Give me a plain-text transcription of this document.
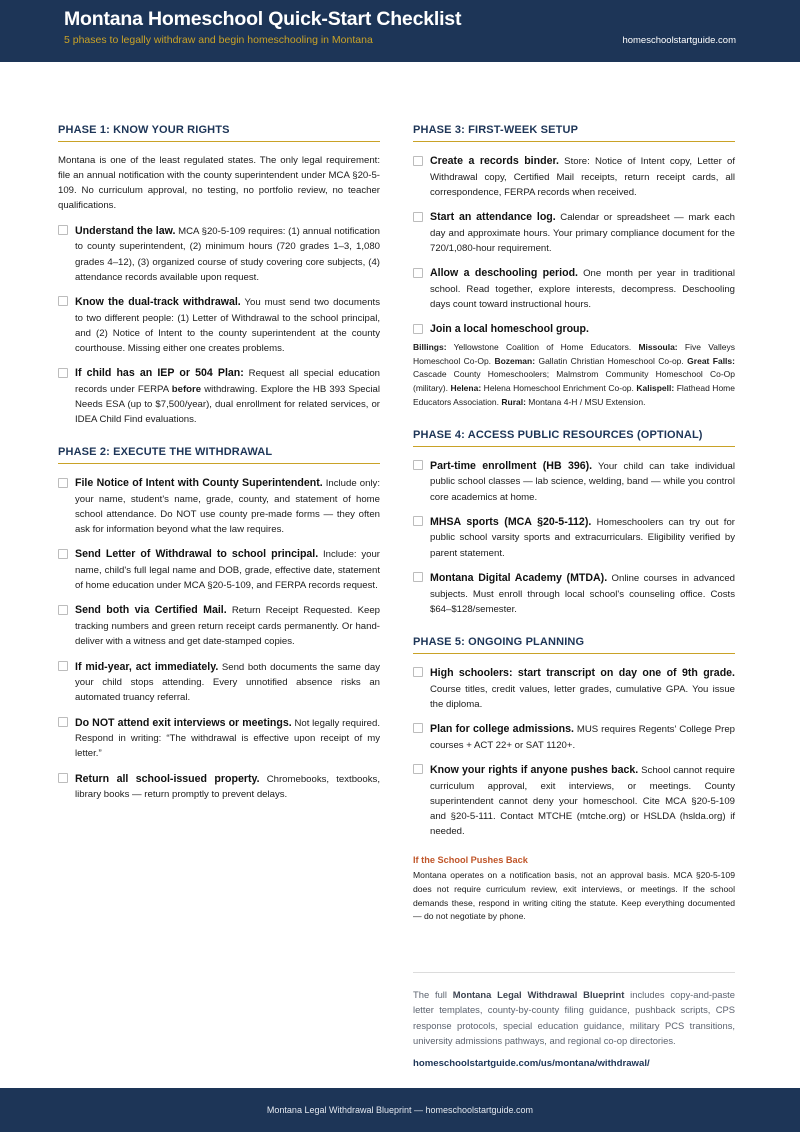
Montana Homeschool Quick-Start Checklist
5 phases to legally withdraw and begin homeschooling in Montana	homeschoolstartguide.com
PHASE 1: KNOW YOUR RIGHTS

Montana is one of the least regulated states. The only legal requirement: file an annual notification with the county superintendent under MCA §20-5-109. No curriculum approval, no testing, no portfolio review, no teacher qualifications.

Understand the law. MCA §20-5-109 requires: (1) annual notification to county superintendent, (2) minimum hours (720 grades 1–3, 1,080 grades 4–12), (3) organized course of study covering core subjects, (4) attendance records available upon request.
Know the dual-track withdrawal. You must send two documents to two different people: (1) Letter of Withdrawal to the school principal, and (2) Notice of Intent to the county superintendent at the county courthouse. Missing either one creates problems.
If child has an IEP or 504 Plan: Request all special education records under FERPA before withdrawing. Explore the HB 393 Special Needs ESA (up to $7,500/year), dual enrollment for related services, or IDEA Child Find evaluations.
PHASE 2: EXECUTE THE WITHDRAWAL
File Notice of Intent with County Superintendent. Include only: your name, student's name, grade, county, and statement of home school attendance. Do NOT use county pre-made forms — they often ask for information beyond what the law requires.
Send Letter of Withdrawal to school principal. Include: your name, child's full legal name and DOB, grade, effective date, statement of home education under MCA §20-5-109, and FERPA records request.
Send both via Certified Mail. Return Receipt Requested. Keep tracking numbers and green return receipt cards permanently. Or hand-deliver with a witness and get date-stamped copies.
If mid-year, act immediately. Send both documents the same day your child stops attending. Every unnotified absence risks an automated truancy referral.
Do NOT attend exit interviews or meetings. Not legally required. Respond in writing: “The withdrawal is effective upon receipt of my letter.”
Return all school-issued property. Chromebooks, textbooks, library books — return promptly to prevent delays.
PHASE 3: FIRST-WEEK SETUP
Create a records binder. Store: Notice of Intent copy, Letter of Withdrawal copy, Certified Mail receipts, return receipt cards, all correspondence, FERPA records when received.
Start an attendance log. Calendar or spreadsheet — mark each day and approximate hours. Your primary compliance document for the 720/1,080-hour requirement.
Allow a deschooling period. One month per year in traditional school. Read together, explore interests, decompress. Deschooling days count toward instructional hours.
Join a local homeschool group.

Billings: Yellowstone Coalition of Home Educators. Missoula: Five Valleys Homeschool Co-Op. Bozeman: Gallatin Christian Homeschool Co-op. Great Falls: Cascade County Homeschoolers; Malmstrom Community Homeschool Co-Op (military). Helena: Helena Homeschool Enrichment Co-op. Kalispell: Flathead Home Educators Association. Rural: Montana 4-H / MSU Extension.

PHASE 4: ACCESS PUBLIC RESOURCES (OPTIONAL)
Part-time enrollment (HB 396). Your child can take individual public school classes — lab science, welding, band — while you control core academics at home.
MHSA sports (MCA §20-5-112). Homeschoolers can try out for public school varsity sports and extracurriculars. Eligibility verified by parent statement.
Montana Digital Academy (MTDA). Online courses in advanced subjects. Must enroll through local school's counseling office. Costs $64–$128/semester.
PHASE 5: ONGOING PLANNING
High schoolers: start transcript on day one of 9th grade. Course titles, credit values, letter grades, cumulative GPA. You issue the diploma.
Plan for college admissions. MUS requires Regents' College Prep courses + ACT 22+ or SAT 1120+.
Know your rights if anyone pushes back. School cannot require curriculum approval, exit interviews, or meetings. County superintendent cannot deny your homeschool. Cite MCA §20-5-109 and §20-5-111. Contact MTCHE (mtche.org) or HSLDA (hslda.org) if needed.
If the School Pushes Back

Montana operates on a notification basis, not an approval basis. MCA §20-5-109 does not require curriculum review, exit interviews, or meetings. If the school demands these, respond in writing citing the statute. Keep everything documented — do not negotiate by phone.

The full Montana Legal Withdrawal Blueprint includes copy-and-paste letter templates, county-by-county filing guidance, pushback scripts, CPS response protocols, special education guidance, military PCS transitions, university admissions pathways, and regional co-op directories.

homeschoolstartguide.com/us/montana/withdrawal/
Montana Legal Withdrawal Blueprint — homeschoolstartguide.com
